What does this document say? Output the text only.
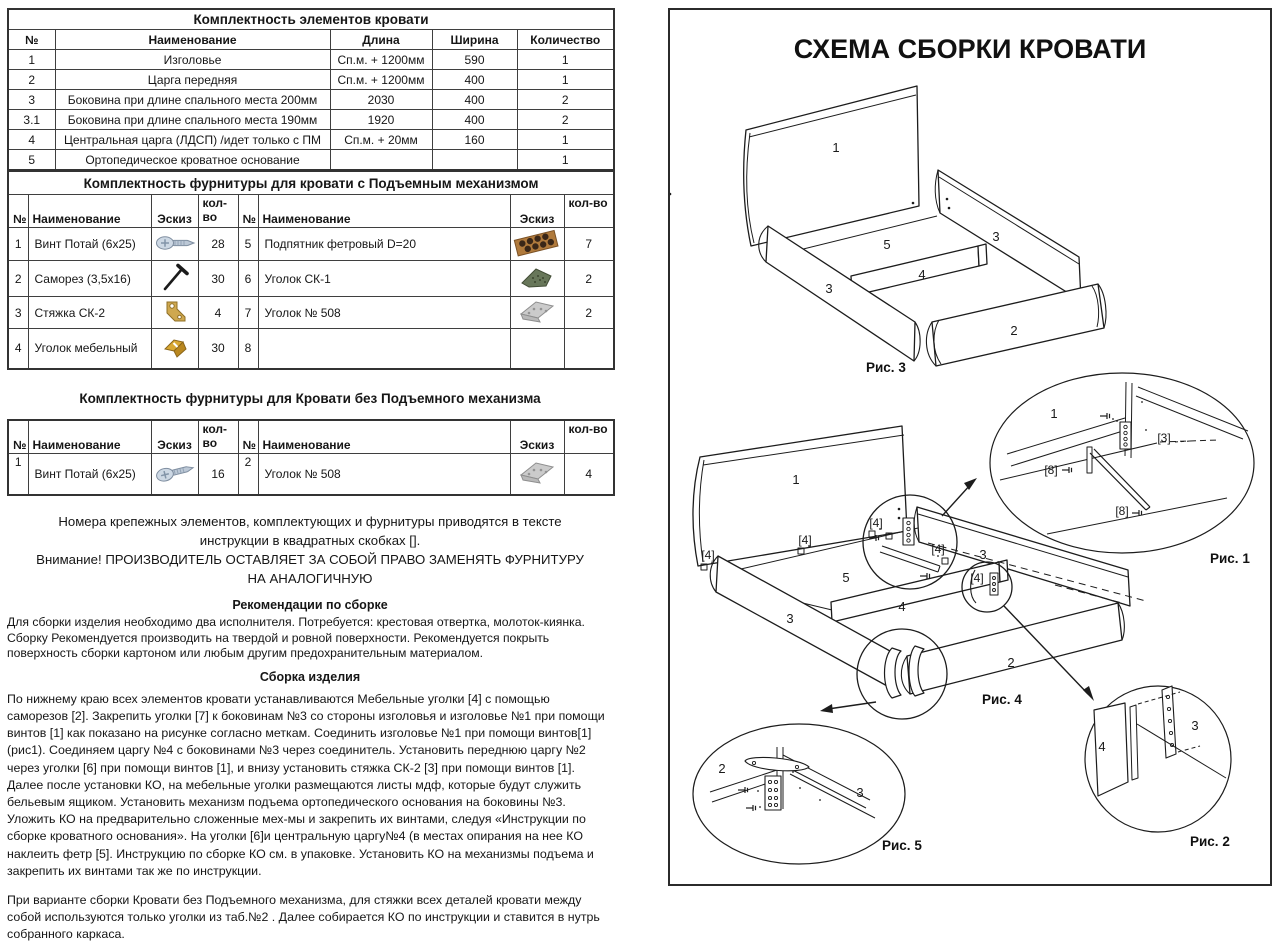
Комплектность элементов кровати				
№	Наименование	Длина	Ширина	Количество
1	Изголовье	Сп.м. + 1200мм	590	1
2	Царга передняя	Сп.м. + 1200мм	400	1
3	Боковина при длине спального места 200мм	2030	400	2
3.1	Боковина при длине спального места 190мм	1920	400	2
4	Центральная царга (ЛДСП) /идет только с ПМ	Сп.м. + 20мм	160	1
5	Ортопедическое кроватное основание			1
Комплектность фурнитуры для кровати с Подъемным механизмом							
№	Наименование	Эскиз	кол-во	№	Наименование	Эскиз	кол-во
1	Винт Потай (6х25)		28	5	Подпятник фетровый D=20		7
2	Саморез (3,5х16)		30	6	Уголок СК-1		2
3	Стяжка СК-2		4	7	Уголок № 508		2
4	Уголок мебельный		30	8			
Комплектность фурнитуры для Кровати без Подъемного механизма
№	Наименование	Эскиз	кол-во	№	Наименование	Эскиз	кол-во
1	Винт Потай (6х25)		16	2	Уголок № 508		4
Номера крепежных элементов, комплектующих и фурнитуры приводятся в тексте инструкции в квадратных скобках [].
Внимание! ПРОИЗВОДИТЕЛЬ ОСТАВЛЯЕТ ЗА СОБОЙ ПРАВО ЗАМЕНЯТЬ ФУРНИТУРУ НА АНАЛОГИЧНУЮ
Рекомендации по сборке
Для сборки изделия необходимо два исполнителя. Потребуется: крестовая отвертка, молоток-киянка. Сборку Рекомендуется производить на твердой и ровной поверхности. Рекомендуется покрыть поверхность сборки картоном или любым другим предохранительным материалом.
Сборка изделия
По нижнему краю всех элементов кровати устанавливаются Мебельные уголки [4] с помощью саморезов [2]. Закрепить уголки [7] к боковинам №3 со стороны изголовья и изголовье №1 при помощи винтов [1] как показано на рисунке согласно меткам. Соединить изголовье №1 при помощи винтов[1] (рис1). Соединяем царгу №4 с боковинами №3 через соединитель. Установить переднюю царгу №2 через уголки [6] при помощи винтов [1], и внизу установить стяжка СК-2 [3] при помощи винтов [1]. Далее после установки КО, на мебельные уголки размещаются листы мдф, которые будут служить бельевым ящиком. Установить механизм подъема ортопедического основания на боковины №3. Уложить КО на предварительно сложенные мех-мы и закрепить их винтами, следуя «Инструкции по сборке кроватного основания». На уголки [6]и центральную царгу№4 (в местах опирания на нее КО наклеить фетр [5]. Инструкцию по сборке КО см. в упаковке. Установить КО на механизмы подъема и закрепить их винтами так же по инструкции.
При варианте сборки Кровати без Подъемного механизма, для стяжки всех деталей кровати между собой используются только уголки из таб.№2 . Далее собирается КО по инструкции и ставится в нутрь собранного каркаса.
СХЕМА СБОРКИ КРОВАТИ
1
3
5
4
3
2
Рис. 3
1
[3]
[8]
[8]
Рис. 1
1
[4]
[4]
[4]
[4]
[4]
5
4
3
3
2
Рис. 4
2
3
Рис. 5
4
3
Рис. 2
